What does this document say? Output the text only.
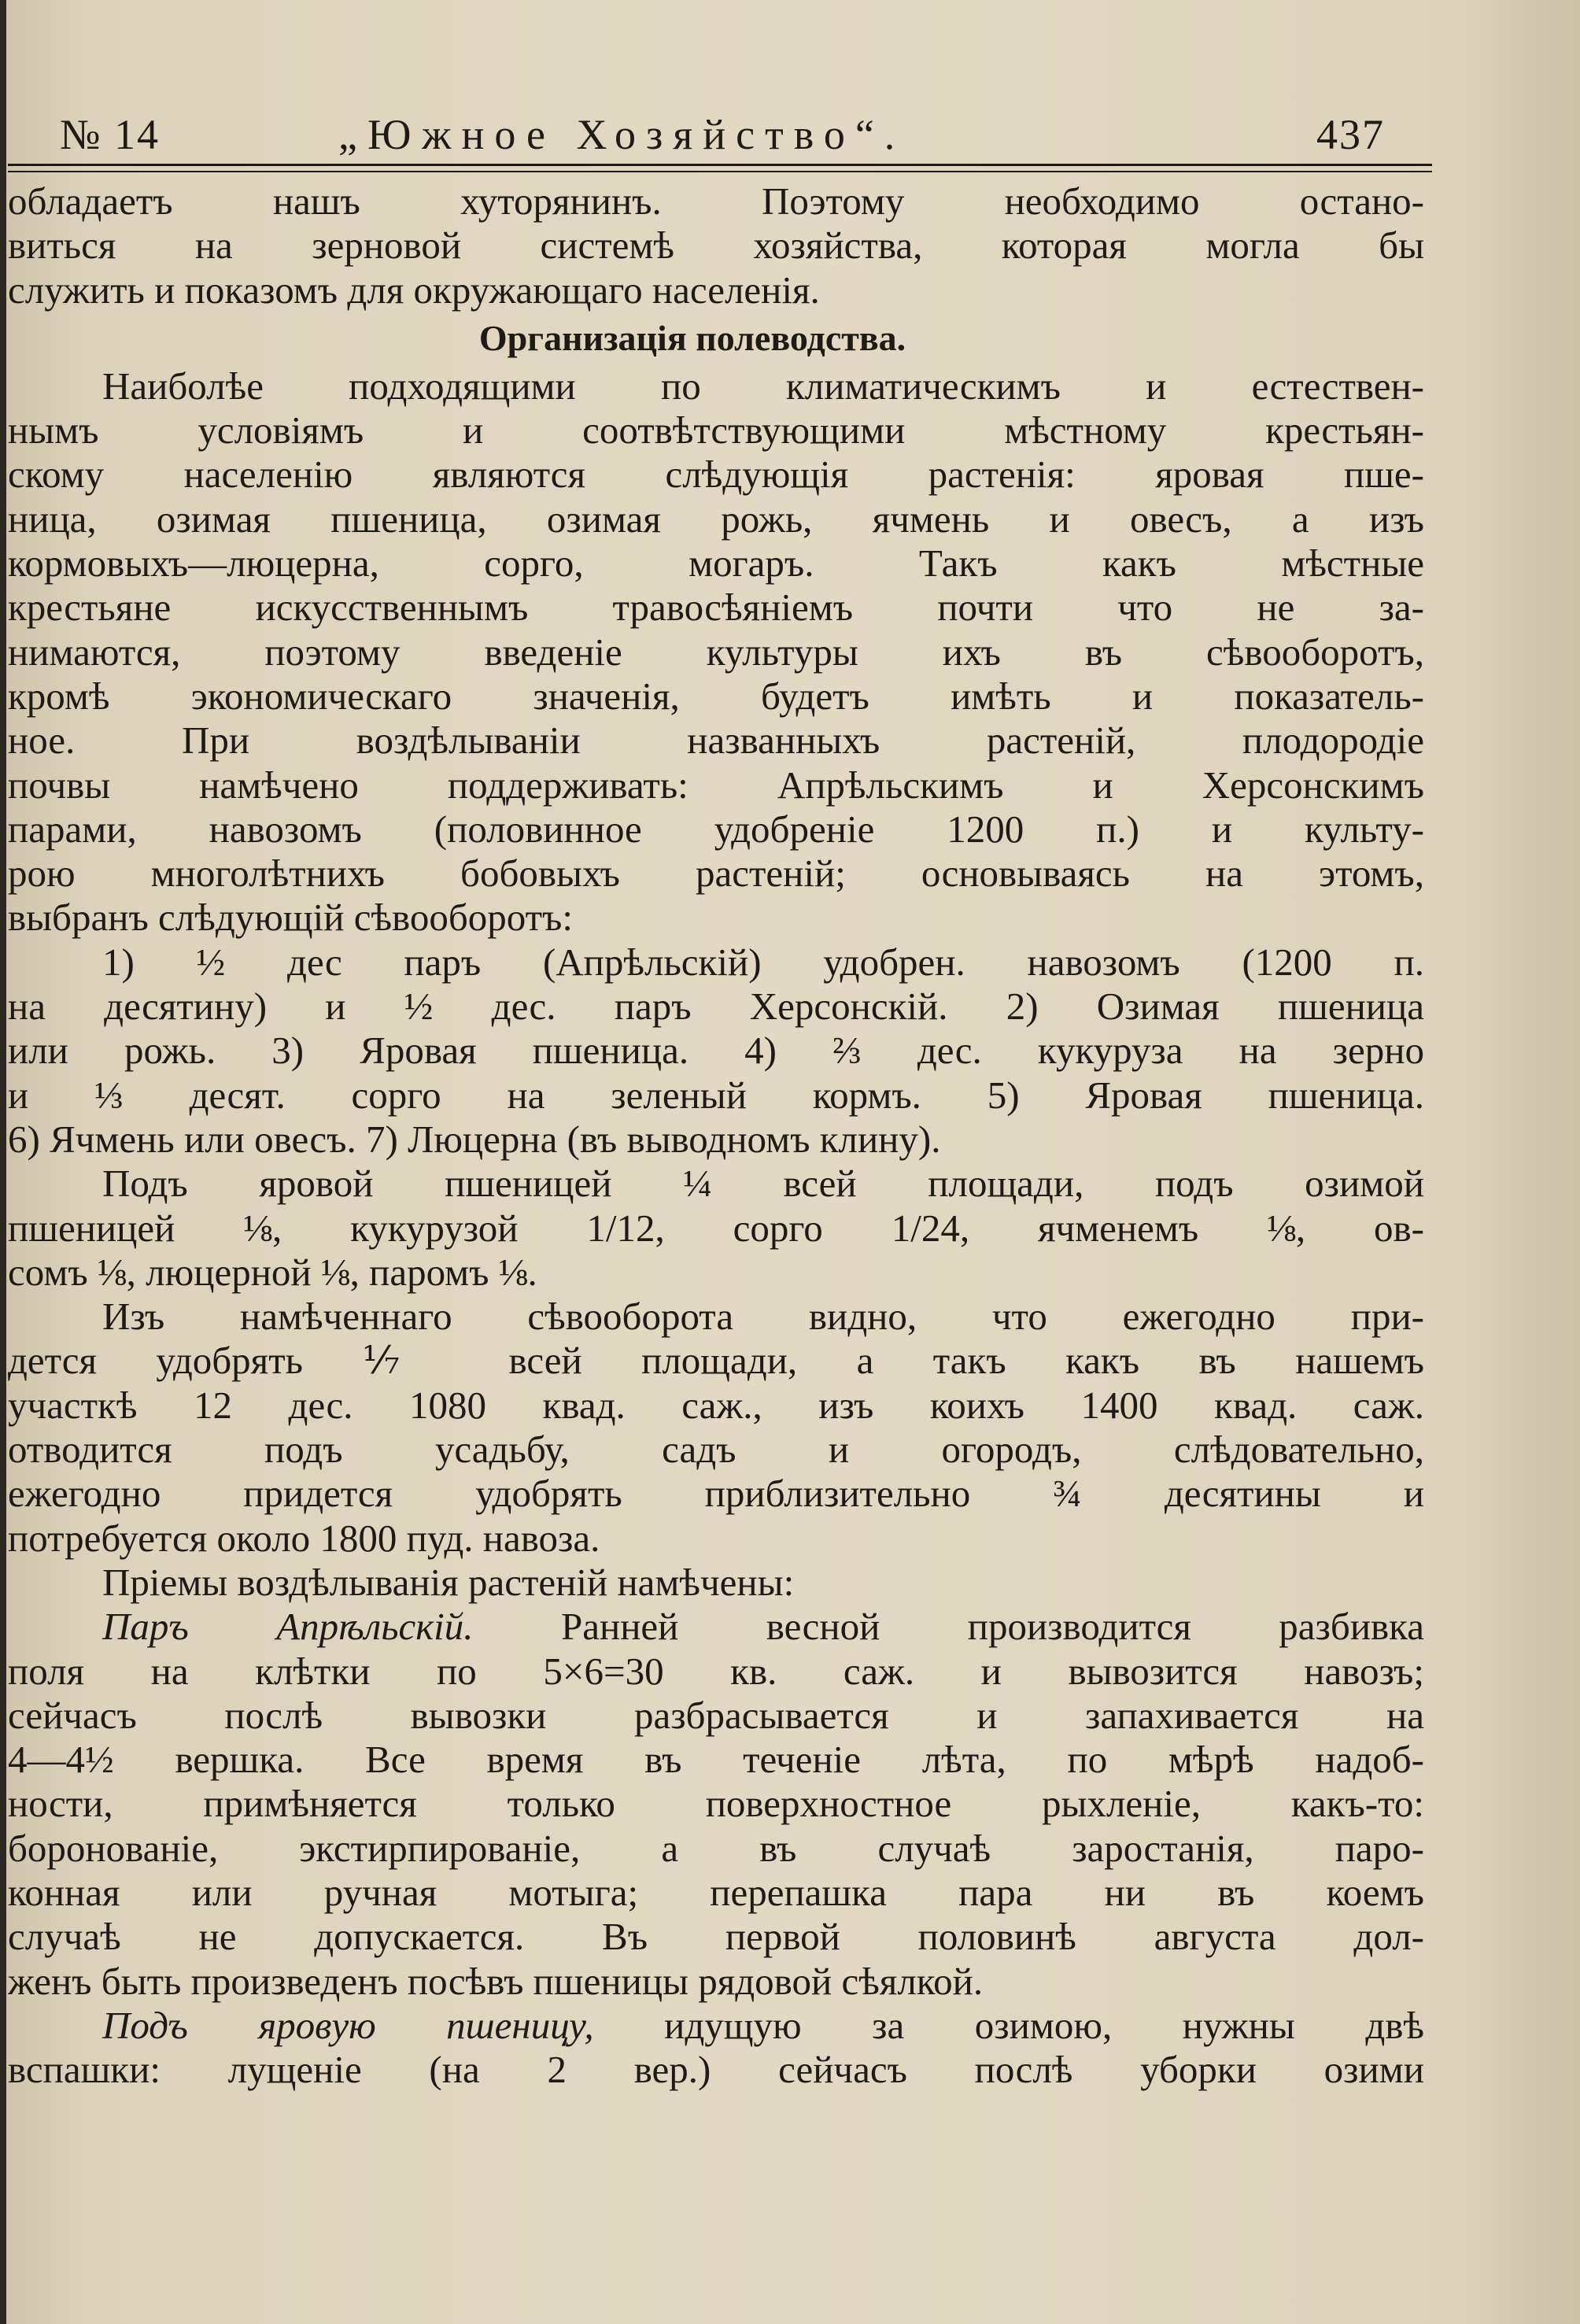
№ 14	„Южное Хозяйство“.	437
обладаетъ нашъ хуторянинъ. Поэтому необходимо остано-
виться на зерновой системѣ хозяйства, которая могла бы
служить и показомъ для окружающаго населенія.
Организація полеводства.
Наиболѣе подходящими по климатическимъ и естествен-
нымъ условіямъ и соотвѣтствующими мѣстному крестьян-
скому населенію являются слѣдующія растенія: яровая пше-
ница, озимая пшеница, озимая рожь, ячмень и овесъ, а изъ
кормовыхъ—люцерна, сорго, могаръ. Такъ какъ мѣстные
крестьяне искусственнымъ травосѣяніемъ почти что не за-
нимаются, поэтому введеніе культуры ихъ въ сѣвооборотъ,
кромѣ экономическаго значенія, будетъ имѣть и показатель-
ное. При воздѣлываніи названныхъ растеній, плодородіе
почвы намѣчено поддерживать: Апрѣльскимъ и Херсонскимъ
парами, навозомъ (половинное удобреніе 1200 п.) и культу-
рою многолѣтнихъ бобовыхъ растеній; основываясь на этомъ,
выбранъ слѣдующій сѣвооборотъ:
1) ½ дес паръ (Апрѣльскій) удобрен. навозомъ (1200 п.
на десятину) и ½ дес. паръ Херсонскій. 2) Озимая пшеница
или рожь. 3) Яровая пшеница. 4) ⅔ дес. кукуруза на зерно
и ⅓ десят. сорго на зеленый кормъ. 5) Яровая пшеница.
6) Ячмень или овесъ. 7) Люцерна (въ выводномъ клину).
Подъ яровой пшеницей ¼ всей площади, подъ озимой
пшеницей ⅛, кукурузой 1/12, сорго 1/24, ячменемъ ⅛, ов-
сомъ ⅛, люцерной ⅛, паромъ ⅛.
Изъ намѣченнаго сѣвооборота видно, что ежегодно при-
дется удобрять ⅐ всей площади, а такъ какъ въ нашемъ
участкѣ 12 дес. 1080 квад. саж., изъ коихъ 1400 квад. саж.
отводится подъ усадьбу, садъ и огородъ, слѣдовательно,
ежегодно придется удобрять приблизительно ¾ десятины и
потребуется около 1800 пуд. навоза.
Пріемы воздѣлыванія растеній намѣчены:
Паръ Апрѣльскій. Ранней весной производится разбивка
поля на клѣтки по 5×6=30 кв. саж. и вывозится навозъ;
сейчасъ послѣ вывозки разбрасывается и запахивается на
4—4½ вершка. Все время въ теченіе лѣта, по мѣрѣ надоб-
ности, примѣняется только поверхностное рыхленіе, какъ-то:
боронованіе, экстирпированіе, а въ случаѣ заростанія, паро-
конная или ручная мотыга; перепашка пара ни въ коемъ
случаѣ не допускается. Въ первой половинѣ августа дол-
женъ быть произведенъ посѣвъ пшеницы рядовой сѣялкой.
Подъ яровую пшеницу, идущую за озимою, нужны двѣ
вспашки: лущеніе (на 2 вер.) сейчасъ послѣ уборки озими
